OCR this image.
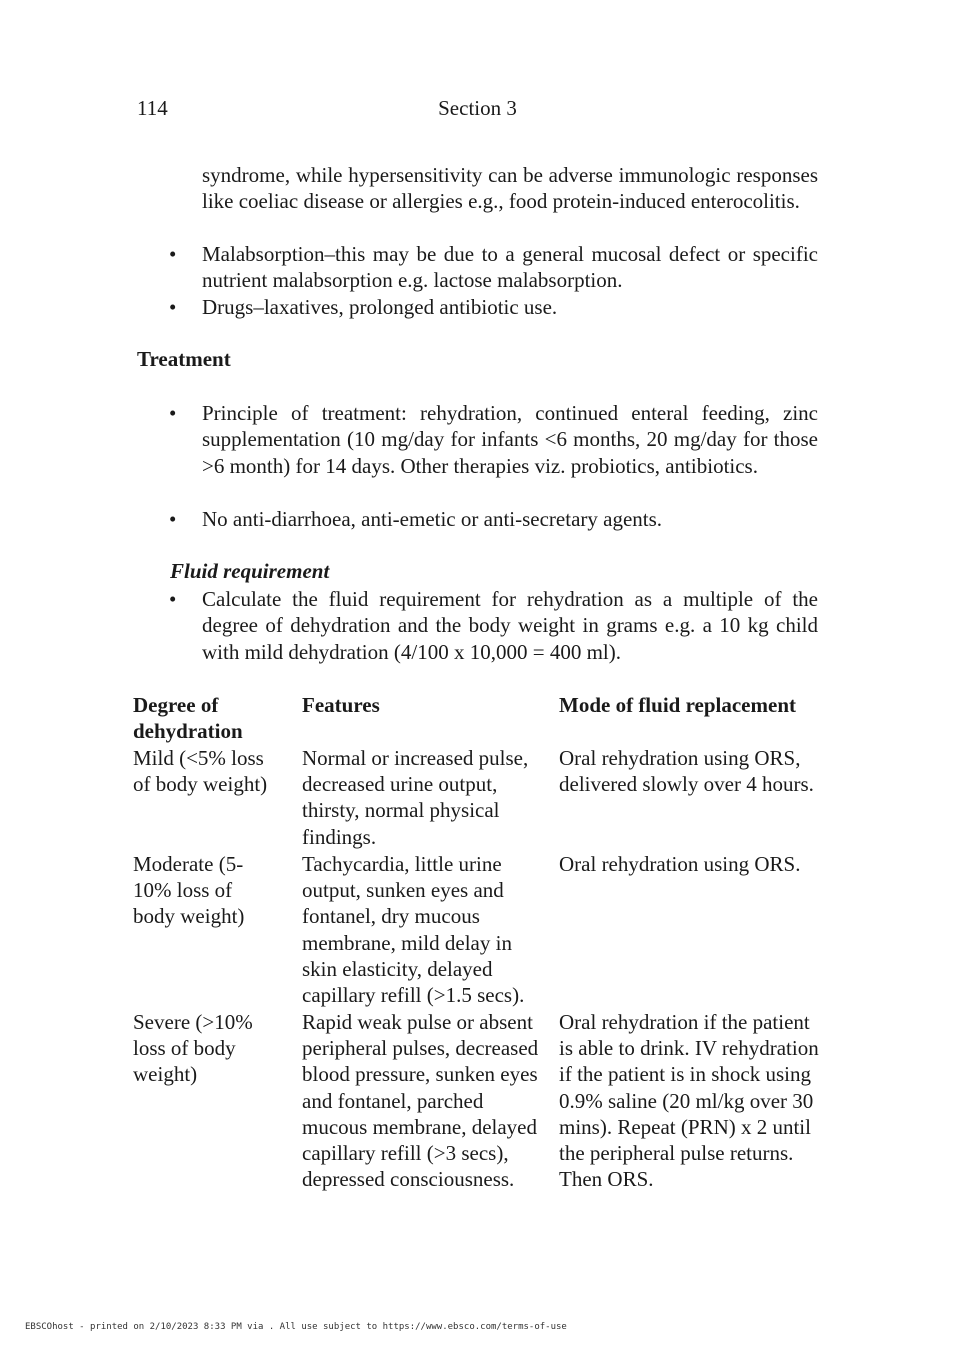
114	Section 3
syndrome, while hypersensitivity can be adverse immunologic responses like coeliac disease or allergies e.g., food protein-induced enterocolitis.
• Malabsorption–this may be due to a general mucosal defect or specific nutrient malabsorption e.g. lactose malabsorption.
• Drugs–laxatives, prolonged antibiotic use.
Treatment
• Principle of treatment: rehydration, continued enteral feeding, zinc supplementation (10 mg/day for infants <6 months, 20 mg/day for those >6 month) for 14 days. Other therapies viz. probiotics, antibiotics.
• No anti-diarrhoea, anti-emetic or anti-secretary agents.
Fluid requirement
• Calculate the fluid requirement for rehydration as a multiple of the degree of dehydration and the body weight in grams e.g. a 10 kg child with mild dehydration (4/100 x 10,000 = 400 ml).
Degree of dehydration
Features	Mode of fluid replacement
Mild (<5% loss of body weight)
Normal or increased pulse, decreased urine output, thirsty, normal physical findings.
Oral rehydration using ORS, delivered slowly over 4 hours.
Moderate (5-10% loss of body weight)
Tachycardia, little urine output, sunken eyes and fontanel, dry mucous membrane, mild delay in skin elasticity, delayed capillary refill (>1.5 secs).
Oral rehydration using ORS.
Severe (>10% loss of body weight)
Rapid weak pulse or absent peripheral pulses, decreased blood pressure, sunken eyes and fontanel, parched mucous membrane, delayed capillary refill (>3 secs), depressed consciousness.
Oral rehydration if the patient is able to drink. IV rehydration if the patient is in shock using 0.9% saline (20 ml/kg over 30 mins). Repeat (PRN) x 2 until the peripheral pulse returns. Then ORS.
EBSCOhost - printed on 2/10/2023 8:33 PM via . All use subject to https://www.ebsco.com/terms-of-use
